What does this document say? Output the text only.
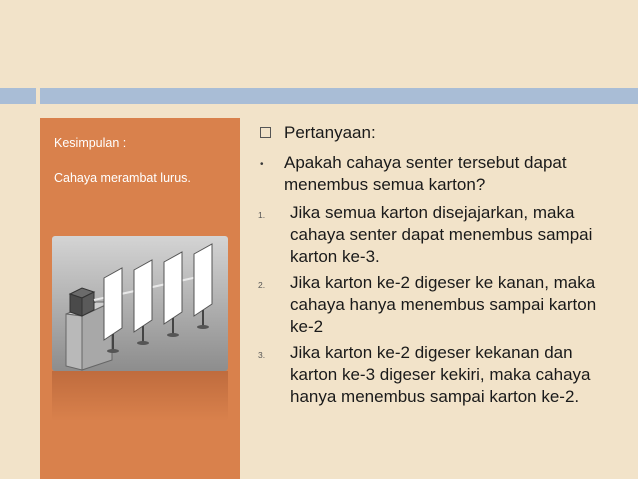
Kesimpulan :
Cahaya merambat lurus.
Pertanyaan:
• Apakah cahaya senter tersebut dapat menembus semua karton?
1. Jika semua karton disejajarkan, maka cahaya senter dapat menembus sampai karton ke-3.
2. Jika karton ke-2 digeser ke kanan, maka cahaya hanya menembus sampai karton ke-2
3. Jika karton ke-2 digeser kekanan dan karton ke-3 digeser kekiri, maka cahaya hanya menembus sampai karton ke-2.
